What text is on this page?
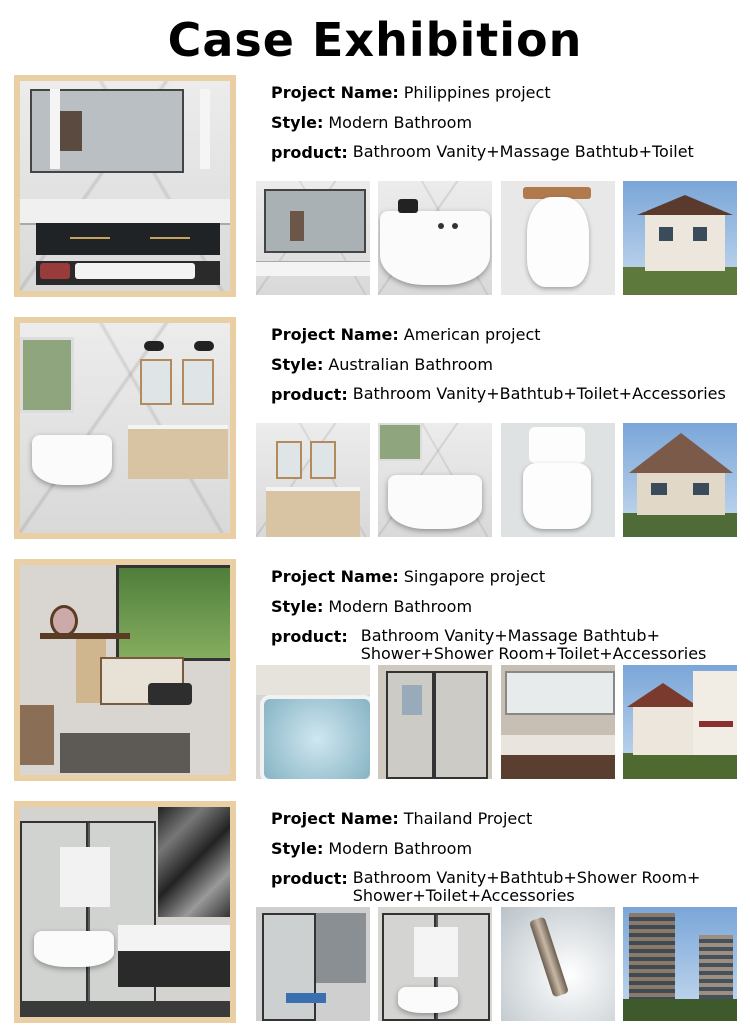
Case Exhibition
Project Name: Philippines project
Style: Modern Bathroom
product: Bathroom Vanity+Massage Bathtub+Toilet
Project Name: American project
Style: Australian Bathroom
product: Bathroom Vanity+Bathtub+Toilet+Accessories
Project Name: Singapore project
Style: Modern Bathroom
product: Bathroom Vanity+Massage Bathtub+
Shower+Shower Room+Toilet+Accessories
Project Name: Thailand Project
Style: Modern Bathroom
product: Bathroom Vanity+Bathtub+Shower Room+
Shower+Toilet+Accessories
